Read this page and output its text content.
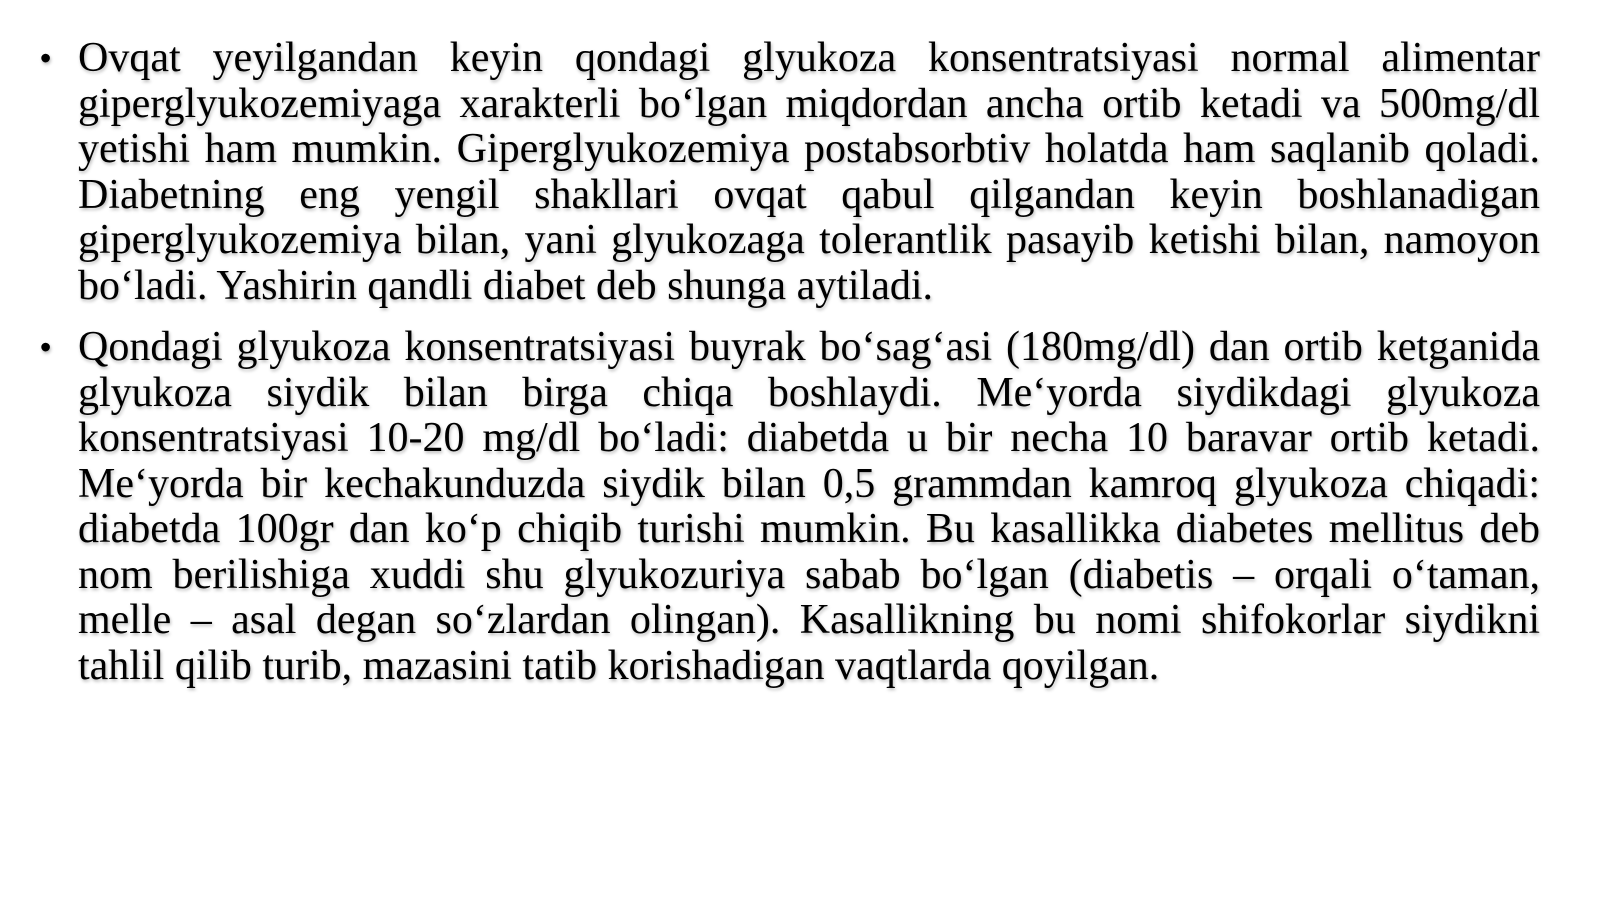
• Ovqat yeyilgandan keyin qondagi glyukoza konsentratsiyasi normal alimentar giperglyukozemiyaga xarakterli bo‘lgan miqdordan ancha ortib ketadi va 500mg/dl yetishi ham mumkin. Giperglyukozemiya postabsorbtiv holatda ham saqlanib qoladi. Diabetning eng yengil shakllari ovqat qabul qilgandan keyin boshlanadigan giperglyukozemiya bilan, yani glyukozaga tolerantlik pasayib ketishi bilan, namoyon bo‘ladi. Yashirin qandli diabet deb shunga aytiladi.
• Qondagi glyukoza konsentratsiyasi buyrak bo‘sag‘asi (180mg/dl) dan ortib ketganida glyukoza siydik bilan birga chiqa boshlaydi. Me‘yorda siydikdagi glyukoza konsentratsiyasi 10-20 mg/dl bo‘ladi: diabetda u bir necha 10 baravar ortib ketadi. Me‘yorda bir kechakunduzda siydik bilan 0,5 grammdan kamroq glyukoza chiqadi: diabetda 100gr dan ko‘p chiqib turishi mumkin. Bu kasallikka diabetes mellitus deb nom berilishiga xuddi shu glyukozuriya sabab bo‘lgan (diabetis – orqali o‘taman, melle – asal degan so‘zlardan olingan). Kasallikning bu nomi shifokorlar siydikni tahlil qilib turib, mazasini tatib korishadigan vaqtlarda qoyilgan.
